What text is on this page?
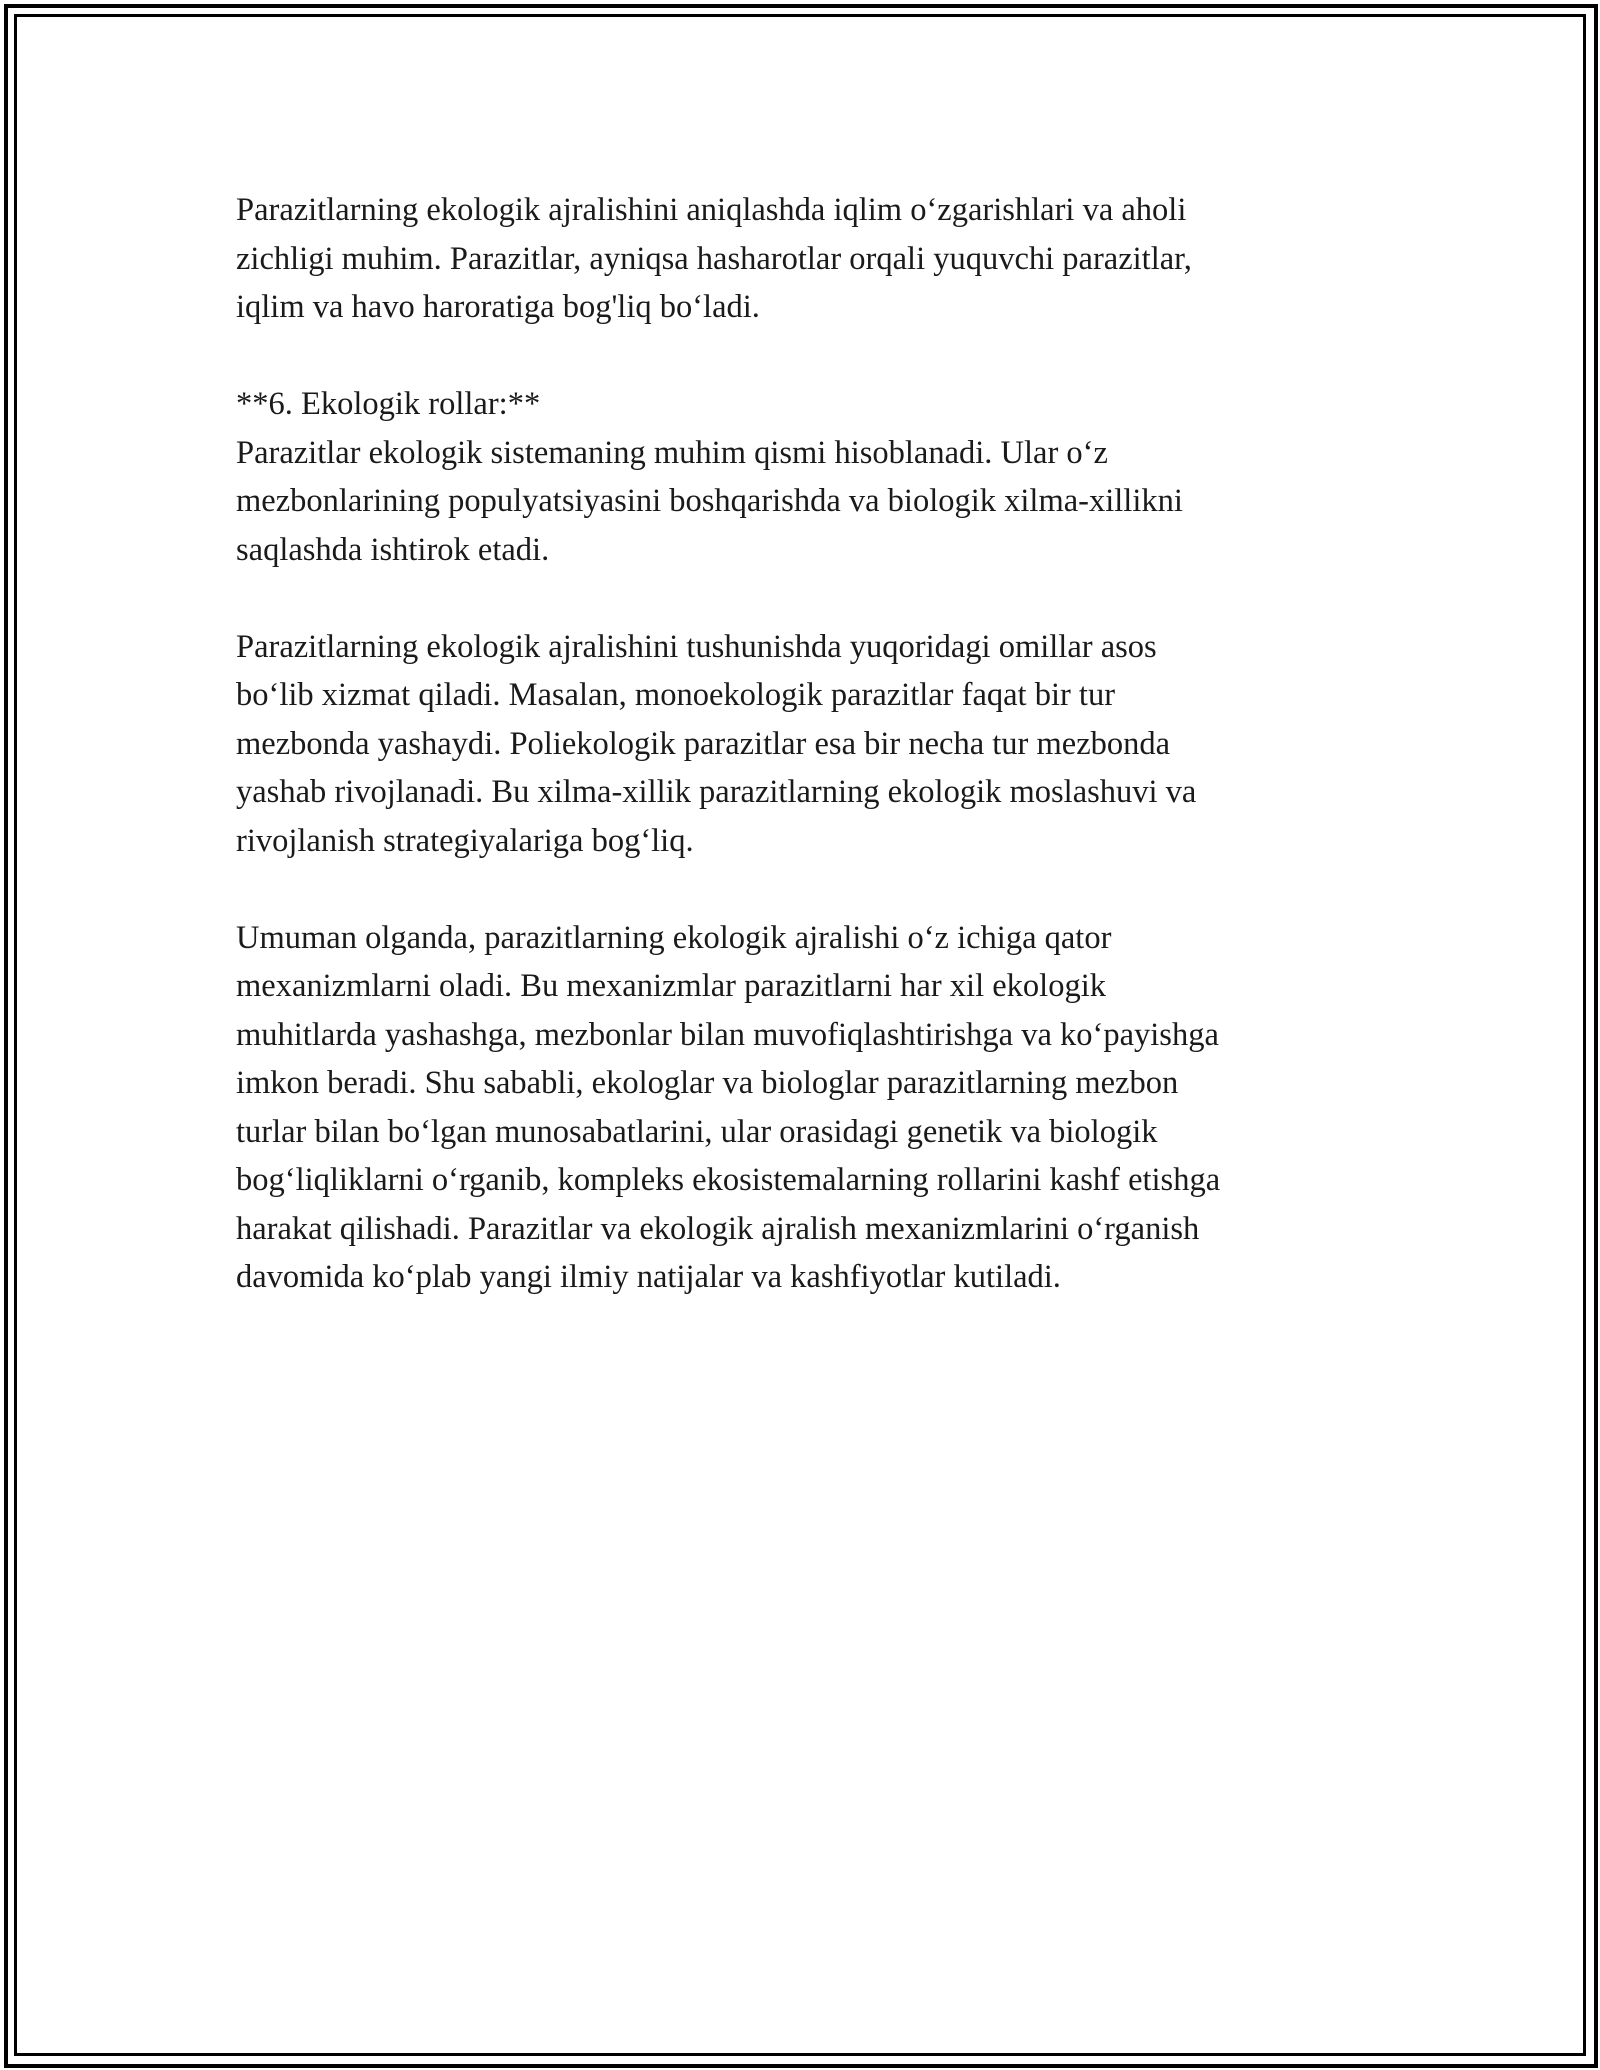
Parazitlarning ekologik ajralishini aniqlashda iqlim o‘zgarishlari va aholi
zichligi muhim. Parazitlar, ayniqsa hasharotlar orqali yuquvchi parazitlar,
iqlim va havo haroratiga bog'liq bo‘ladi.

**6. Ekologik rollar:**
Parazitlar ekologik sistemaning muhim qismi hisoblanadi. Ular o‘z
mezbonlarining populyatsiyasini boshqarishda va biologik xilma-xillikni
saqlashda ishtirok etadi.

Parazitlarning ekologik ajralishini tushunishda yuqoridagi omillar asos
bo‘lib xizmat qiladi. Masalan, monoekologik parazitlar faqat bir tur
mezbonda yashaydi. Poliekologik parazitlar esa bir necha tur mezbonda
yashab rivojlanadi. Bu xilma-xillik parazitlarning ekologik moslashuvi va
rivojlanish strategiyalariga bog‘liq.

Umuman olganda, parazitlarning ekologik ajralishi o‘z ichiga qator
mexanizmlarni oladi. Bu mexanizmlar parazitlarni har xil ekologik
muhitlarda yashashga, mezbonlar bilan muvofiqlashtirishga va ko‘payishga
imkon beradi. Shu sababli, ekologlar va biologlar parazitlarning mezbon
turlar bilan bo‘lgan munosabatlarini, ular orasidagi genetik va biologik
bog‘liqliklarni o‘rganib, kompleks ekosistemalarning rollarini kashf etishga
harakat qilishadi. Parazitlar va ekologik ajralish mexanizmlarini o‘rganish
davomida ko‘plab yangi ilmiy natijalar va kashfiyotlar kutiladi.
